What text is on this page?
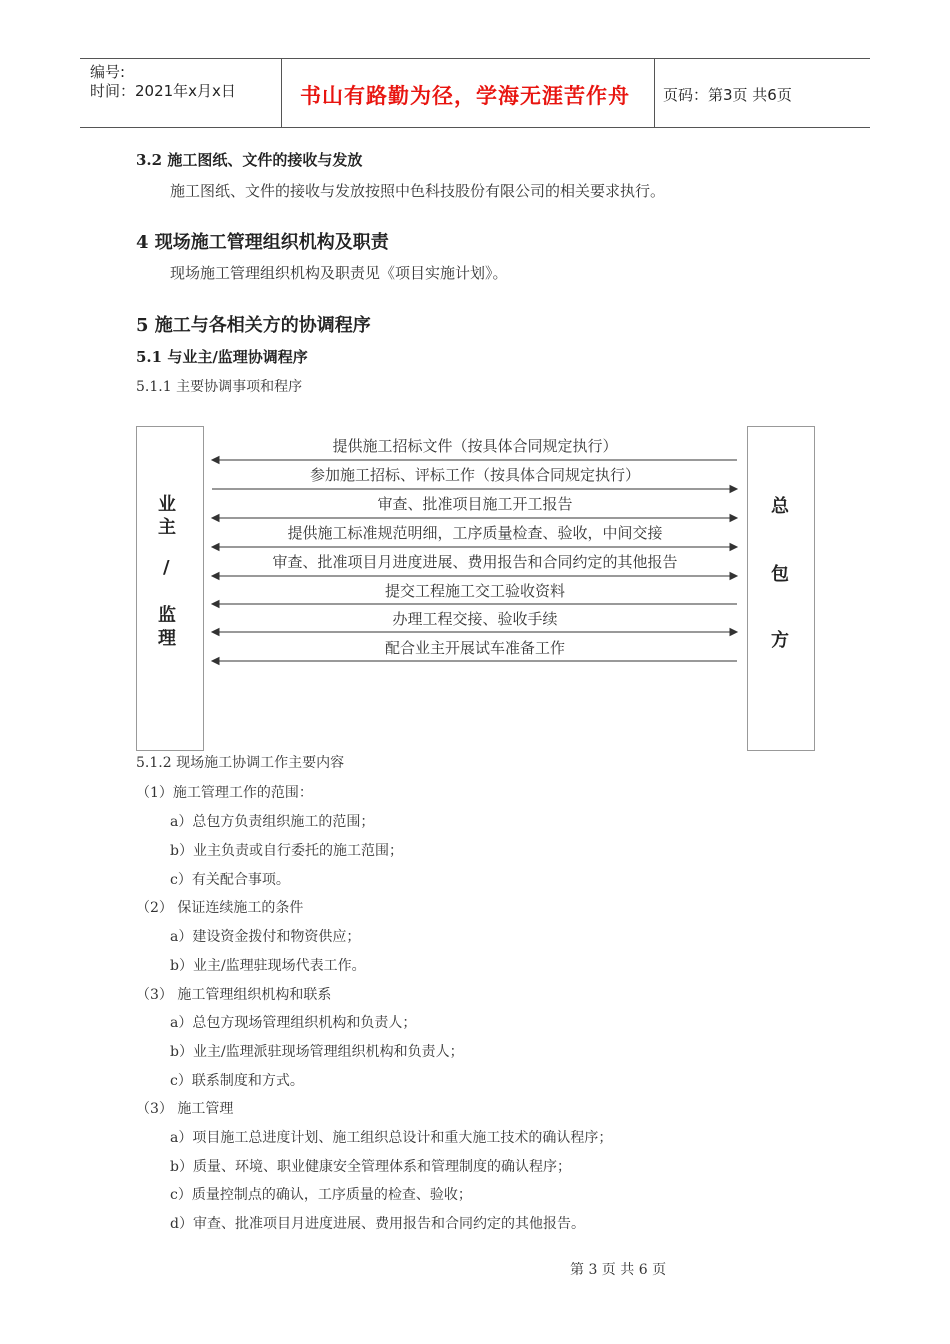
编号:
时间：2021年x月x日	书山有路勤为径，学海无涯苦作舟 页码：第3页 共6页
3.2 施工图纸、文件的接收与发放
施工图纸、文件的接收与发放按照中色科技股份有限公司的相关要求执行。
4 现场施工管理组织机构及职责
现场施工管理组织机构及职责见《项目实施计划》。
5 施工与各相关方的协调程序
5.1 与业主/监理协调程序
5.1.1 主要协调事项和程序
业
主
/
监
理
总
包
方
提供施工招标文件（按具体合同规定执行）
参加施工招标、评标工作（按具体合同规定执行）
审查、批准项目施工开工报告
提供施工标准规范明细，工序质量检查、验收，中间交接
审查、批准项目月进度进展、费用报告和合同约定的其他报告
提交工程施工交工验收资料
办理工程交接、验收手续
配合业主开展试车准备工作
5.1.2 现场施工协调工作主要内容
（1）施工管理工作的范围：
a）总包方负责组织施工的范围；
b）业主负责或自行委托的施工范围；
c）有关配合事项。
（2） 保证连续施工的条件
a）建设资金拨付和物资供应；
b）业主/监理驻现场代表工作。
（3） 施工管理组织机构和联系
a）总包方现场管理组织机构和负责人；
b）业主/监理派驻现场管理组织机构和负责人；
c）联系制度和方式。
（3） 施工管理
a）项目施工总进度计划、施工组织总设计和重大施工技术的确认程序；
b）质量、环境、职业健康安全管理体系和管理制度的确认程序；
c）质量控制点的确认，工序质量的检查、验收；
d）审查、批准项目月进度进展、费用报告和合同约定的其他报告。
第 3 页 共 6 页
